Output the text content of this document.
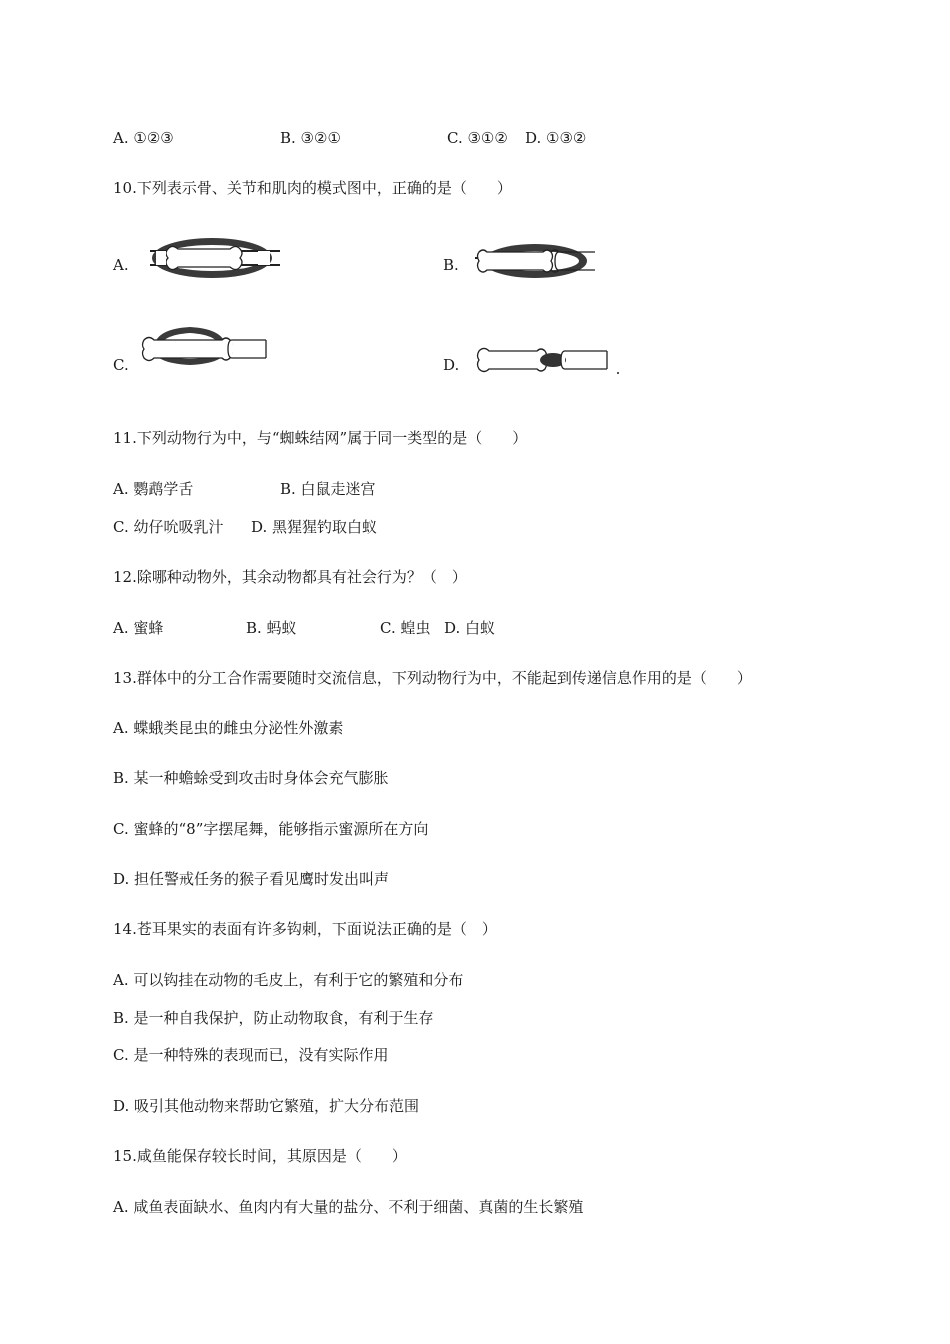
A. ①②③	B. ③②①	C. ③①② D. ①③②
10.下列表示骨、关节和肌肉的模式图中，正确的是（　　）
A.	B.
C.	D.
11.下列动物行为中，与“蜘蛛结网”属于同一类型的是（　　）
A. 鹦鹉学舌	B. 白鼠走迷宫
C. 幼仔吮吸乳汁 D. 黑猩猩钓取白蚁
12.除哪种动物外，其余动物都具有社会行为？（　）
A. 蜜蜂	B. 蚂蚁	C. 蝗虫 D. 白蚁
13.群体中的分工合作需要随时交流信息，下列动物行为中，不能起到传递信息作用的是（　　）
A. 蝶蛾类昆虫的雌虫分泌性外激素
B. 某一种蟾蜍受到攻击时身体会充气膨胀
C. 蜜蜂的“8”字摆尾舞，能够指示蜜源所在方向
D. 担任警戒任务的猴子看见鹰时发出叫声
14.苍耳果实的表面有许多钩刺，下面说法正确的是（　）
A. 可以钩挂在动物的毛皮上，有利于它的繁殖和分布
B. 是一种自我保护，防止动物取食，有利于生存
C. 是一种特殊的表现而已，没有实际作用
D. 吸引其他动物来帮助它繁殖，扩大分布范围
15.咸鱼能保存较长时间，其原因是（　　）
A. 咸鱼表面缺水、鱼肉内有大量的盐分、不利于细菌、真菌的生长繁殖
